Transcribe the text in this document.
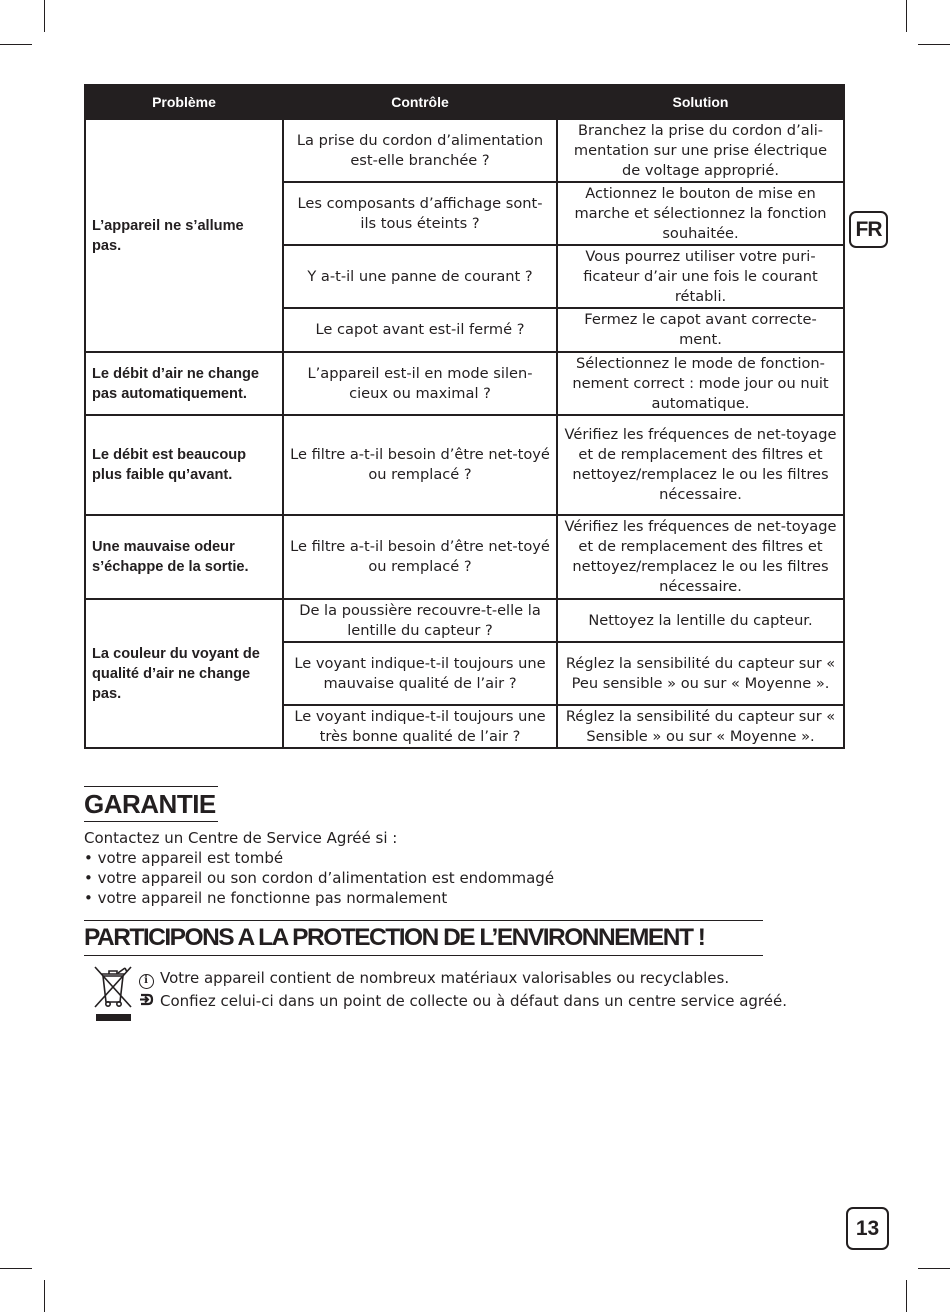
Problème	Contrôle	Solution
L’appareil ne s’allume pas.	La prise du cordon d’alimentation est-elle branchée ?	Branchez la prise du cordon d’ali-mentation sur une prise électrique de voltage approprié.
	Les composants d’affichage sont-ils tous éteints ?	Actionnez le bouton de mise en marche et sélectionnez la fonction souhaitée.
	Y a-t-il une panne de courant ?	Vous pourrez utiliser votre puri-ficateur d’air une fois le courant rétabli.
	Le capot avant est-il fermé ?	Fermez le capot avant correcte-ment.
Le débit d’air ne change pas automatiquement.	L’appareil est-il en mode silen-cieux ou maximal ?	Sélectionnez le mode de fonction-nement correct : mode jour ou nuit automatique.
Le débit est beaucoup plus faible qu’avant.	Le filtre a-t-il besoin d’être net-toyé ou remplacé ?	Vérifiez les fréquences de net-toyage et de remplacement des filtres et nettoyez/remplacez le ou les filtres nécessaire.
Une mauvaise odeur s’échappe de la sortie.	Le filtre a-t-il besoin d’être net-toyé ou remplacé ?	Vérifiez les fréquences de net-toyage et de remplacement des filtres et nettoyez/remplacez le ou les filtres nécessaire.
La couleur du voyant de qualité d’air ne change pas.	De la poussière recouvre-t-elle la lentille du capteur ?	Nettoyez la lentille du capteur.
	Le voyant indique-t-il toujours une mauvaise qualité de l’air ?	Réglez la sensibilité du capteur sur « Peu sensible » ou sur « Moyenne ».
	Le voyant indique-t-il toujours une très bonne qualité de l’air ?	Réglez la sensibilité du capteur sur « Sensible » ou sur « Moyenne ».
FR
GARANTIE

Contactez un Centre de Service Agréé si :

• votre appareil est tombé
• votre appareil ou son cordon d’alimentation est endommagé
• votre appareil ne fonctionne pas normalement
PARTICIPONS A LA PROTECTION DE L’ENVIRONNEMENT !
i Votre appareil contient de nombreux matériaux valorisables ou recyclables.
Confiez celui-ci dans un point de collecte ou à défaut dans un centre service agréé.
13
